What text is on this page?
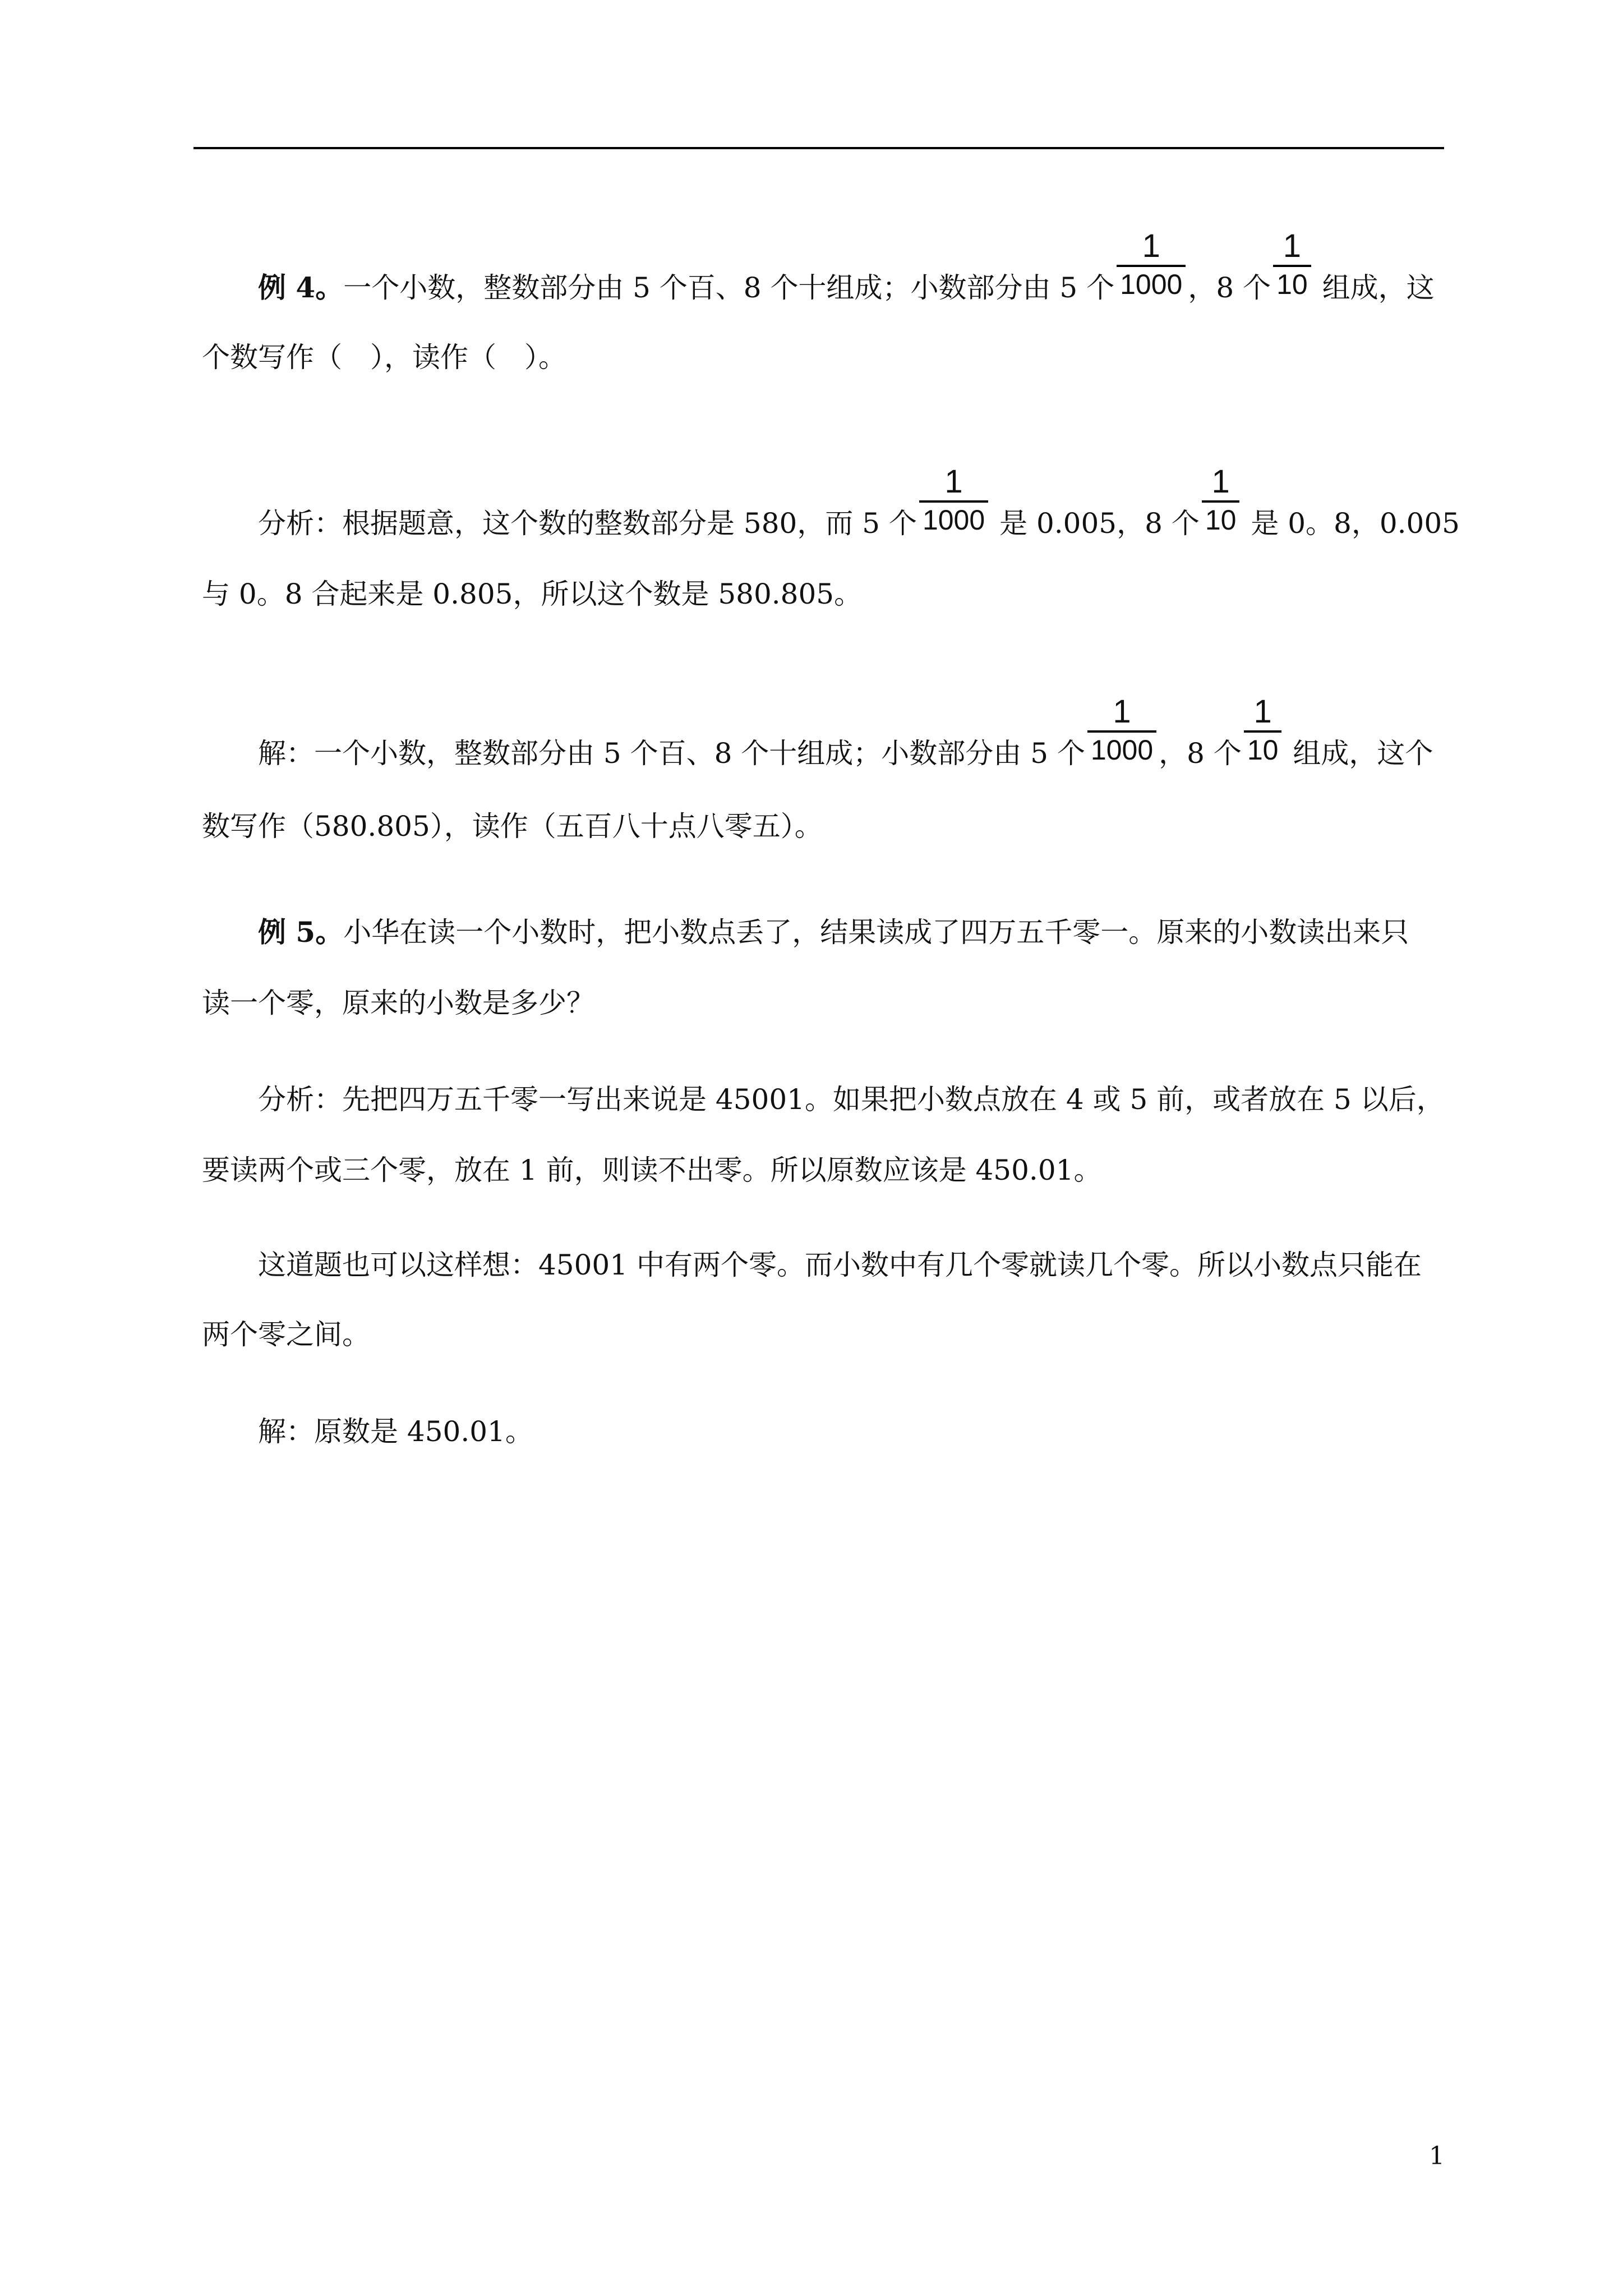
例 4。一个小数，整数部分由 5 个百、8 个十组成；小数部分由 5 个 $\frac{1}{1000}$ ，8 个 $\frac{1}{10}$ 组成，这
个数写作（　），读作（　）。
分析：根据题意，这个数的整数部分是 580，而 5 个 $\frac{1}{1000}$ 是 0.005，8 个 $\frac{1}{10}$ 是 0。8，0.005
与 0。8 合起来是 0.805，所以这个数是 580.805。
解：一个小数，整数部分由 5 个百、8 个十组成；小数部分由 5 个 $\frac{1}{1000}$ ，8 个 $\frac{1}{10}$ 组成，这个
数写作（580.805），读作（五百八十点八零五）。
例 5。小华在读一个小数时，把小数点丢了，结果读成了四万五千零一。原来的小数读出来只
读一个零，原来的小数是多少？
分析：先把四万五千零一写出来说是 45001。如果把小数点放在 4 或 5 前，或者放在 5 以后，
要读两个或三个零，放在 1 前，则读不出零。所以原数应该是 450.01。
这道题也可以这样想：45001 中有两个零。而小数中有几个零就读几个零。所以小数点只能在
两个零之间。
解：原数是 450.01。
1
